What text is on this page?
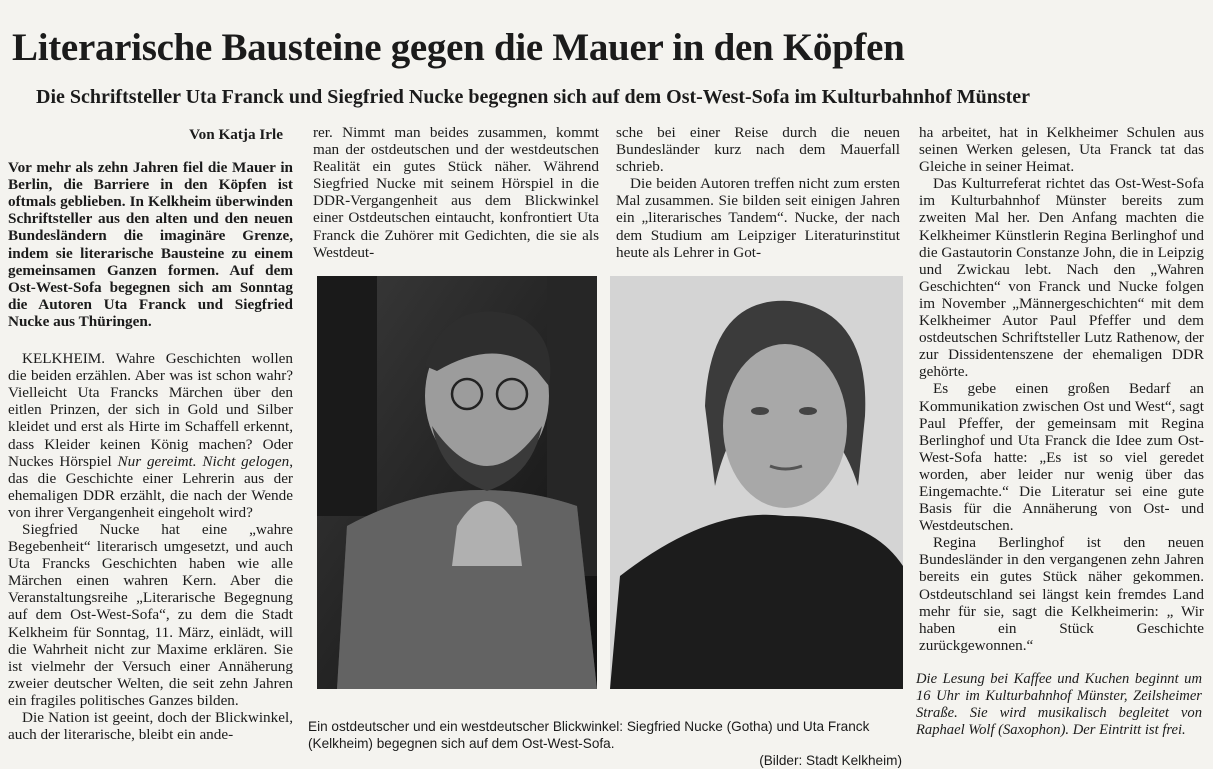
Literarische Bausteine gegen die Mauer in den Köpfen
Die Schriftsteller Uta Franck und Siegfried Nucke begegnen sich auf dem Ost-West-Sofa im Kulturbahnhof Münster
Von Katja Irle

Vor mehr als zehn Jahren fiel die Mauer in Berlin, die Barriere in den Köpfen ist oftmals geblieben. In Kelkheim überwinden Schriftsteller aus den alten und den neuen Bundesländern die imaginäre Grenze, indem sie literarische Bausteine zu einem gemeinsamen Ganzen formen. Auf dem Ost-West-Sofa begegnen sich am Sonntag die Autoren Uta Franck und Siegfried Nucke aus Thüringen.

KELKHEIM. Wahre Geschichten wollen die beiden erzählen. Aber was ist schon wahr? Vielleicht Uta Francks Märchen über den eitlen Prinzen, der sich in Gold und Silber kleidet und erst als Hirte im Schaffell erkennt, dass Kleider keinen König machen? Oder Nuckes Hörspiel Nur gereimt. Nicht gelogen, das die Geschichte einer Lehrerin aus der ehemaligen DDR erzählt, die nach der Wende von ihrer Vergangenheit eingeholt wird?

Siegfried Nucke hat eine „wahre Begebenheit“ literarisch umgesetzt, und auch Uta Francks Geschichten haben wie alle Märchen einen wahren Kern. Aber die Veranstaltungsreihe „Literarische Begegnung auf dem Ost-West-Sofa“, zu dem die Stadt Kelkheim für Sonntag, 11. März, einlädt, will die Wahrheit nicht zur Maxime erklären. Sie ist vielmehr der Versuch einer Annäherung zweier deutscher Welten, die seit zehn Jahren ein fragiles politisches Ganzes bilden.

Die Nation ist geeint, doch der Blickwinkel, auch der literarische, bleibt ein ande-

rer. Nimmt man beides zusammen, kommt man der ostdeutschen und der westdeutschen Realität ein gutes Stück näher. Während Siegfried Nucke mit seinem Hörspiel in die DDR-Vergangenheit aus dem Blickwinkel einer Ostdeutschen eintaucht, konfrontiert Uta Franck die Zuhörer mit Gedichten, die sie als Westdeut-

sche bei einer Reise durch die neuen Bundesländer kurz nach dem Mauerfall schrieb.

Die beiden Autoren treffen nicht zum ersten Mal zusammen. Sie bilden seit einigen Jahren ein „literarisches Tandem“. Nucke, der nach dem Studium am Leipziger Literaturinstitut heute als Lehrer in Got-

ha arbeitet, hat in Kelkheimer Schulen aus seinen Werken gelesen, Uta Franck tat das Gleiche in seiner Heimat.

Das Kulturreferat richtet das Ost-West-Sofa im Kulturbahnhof Münster bereits zum zweiten Mal her. Den Anfang machten die Kelkheimer Künstlerin Regina Berlinghof und die Gastautorin Constanze John, die in Leipzig und Zwickau lebt. Nach den „Wahren Geschichten“ von Franck und Nucke folgen im November „Männergeschichten“ mit dem Kelkheimer Autor Paul Pfeffer und dem ostdeutschen Schriftsteller Lutz Rathenow, der zur Dissidentenszene der ehemaligen DDR gehörte.

Es gebe einen großen Bedarf an Kommunikation zwischen Ost und West“, sagt Paul Pfeffer, der gemeinsam mit Regina Berlinghof und Uta Franck die Idee zum Ost-West-Sofa hatte: „Es ist so viel geredet worden, aber leider nur wenig über das Eingemachte.“ Die Literatur sei eine gute Basis für die Annäherung von Ost- und Westdeutschen.

Regina Berlinghof ist den neuen Bundesländer in den vergangenen zehn Jahren bereits ein gutes Stück näher gekommen. Ostdeutschland sei längst kein fremdes Land mehr für sie, sagt die Kelkheimerin: „ Wir haben ein Stück Geschichte zurückgewonnen.“

Ein ostdeutscher und ein westdeutscher Blickwinkel: Siegfried Nucke (Gotha) und Uta Franck (Kelkheim) begegnen sich auf dem Ost-West-Sofa.
(Bilder: Stadt Kelkheim)
Die Lesung bei Kaffee und Kuchen beginnt um 16 Uhr im Kulturbahnhof Münster, Zeilsheimer Straße. Sie wird musikalisch begleitet von Raphael Wolf (Saxophon). Der Eintritt ist frei.
